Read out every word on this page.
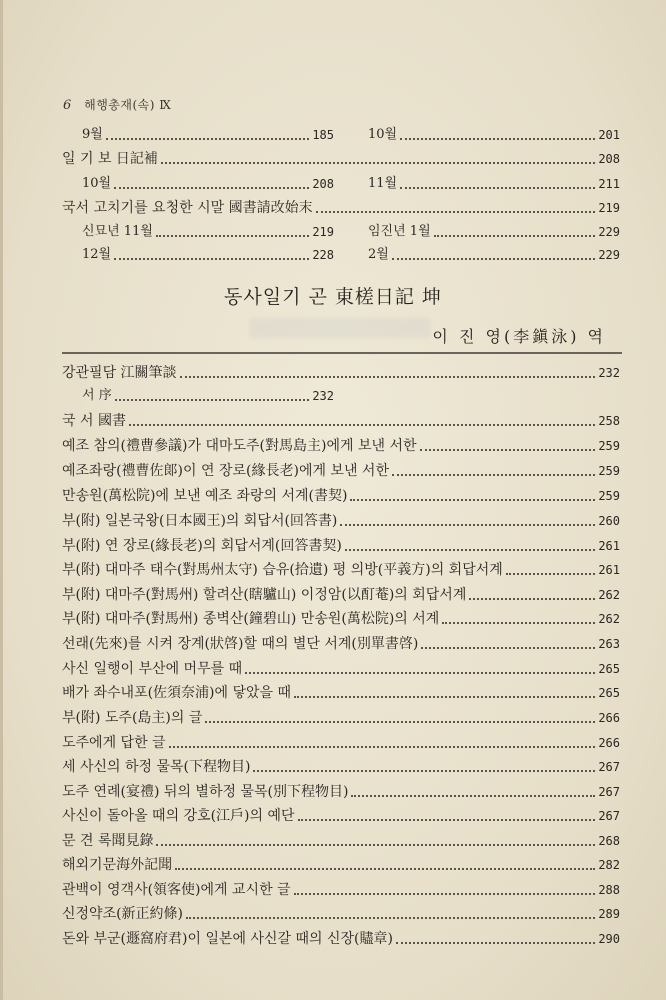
6 해행총재(속) Ⅸ
9월	185	10월	201
일 기 보 日記補	208
10월	208	11월	211
국서 고치기를 요청한 시말 國書請改始末	219
신묘년 11월	219	임진년 1월	229
12월	228	2월	229
동사일기 곤 東槎日記 坤
이 진 영(李鎭泳) 역
강관필담 江關筆談	232
서 序	232
국 서 國書	258
예조 참의(禮曹參議)가 대마도주(對馬島主)에게 보낸 서한	259
예조좌랑(禮曹佐郞)이 연 장로(緣長老)에게 보낸 서한	259
만송원(萬松院)에 보낸 예조 좌랑의 서계(書契)	259
부(附) 일본국왕(日本國王)의 회답서(回答書)	260
부(附) 연 장로(緣長老)의 회답서계(回答書契)	261
부(附) 대마주 태수(對馬州太守) 습유(拾遺) 평 의방(平義方)의 회답서계	261
부(附) 대마주(對馬州) 할려산(瞎驢山) 이정암(以酊菴)의 회답서계	262
부(附) 대마주(對馬州) 종벽산(鐘碧山) 만송원(萬松院)의 서계	262
선래(先來)를 시켜 장계(狀啓)할 때의 별단 서계(別單書啓)	263
사신 일행이 부산에 머무를 때	265
배가 좌수내포(佐須奈浦)에 닿았을 때	265
부(附) 도주(島主)의 글	266
도주에게 답한 글	266
세 사신의 하정 물목(下程物目)	267
도주 연례(宴禮) 뒤의 별하정 물목(別下程物目)	267
사신이 돌아올 때의 강호(江戶)의 예단	267
문 견 록聞見錄	268
해외기문海外記聞	282
관백이 영객사(領客使)에게 교시한 글	288
신정약조(新正約條)	289
돈와 부군(遯窩府君)이 일본에 사신갈 때의 신장(贐章)	290
